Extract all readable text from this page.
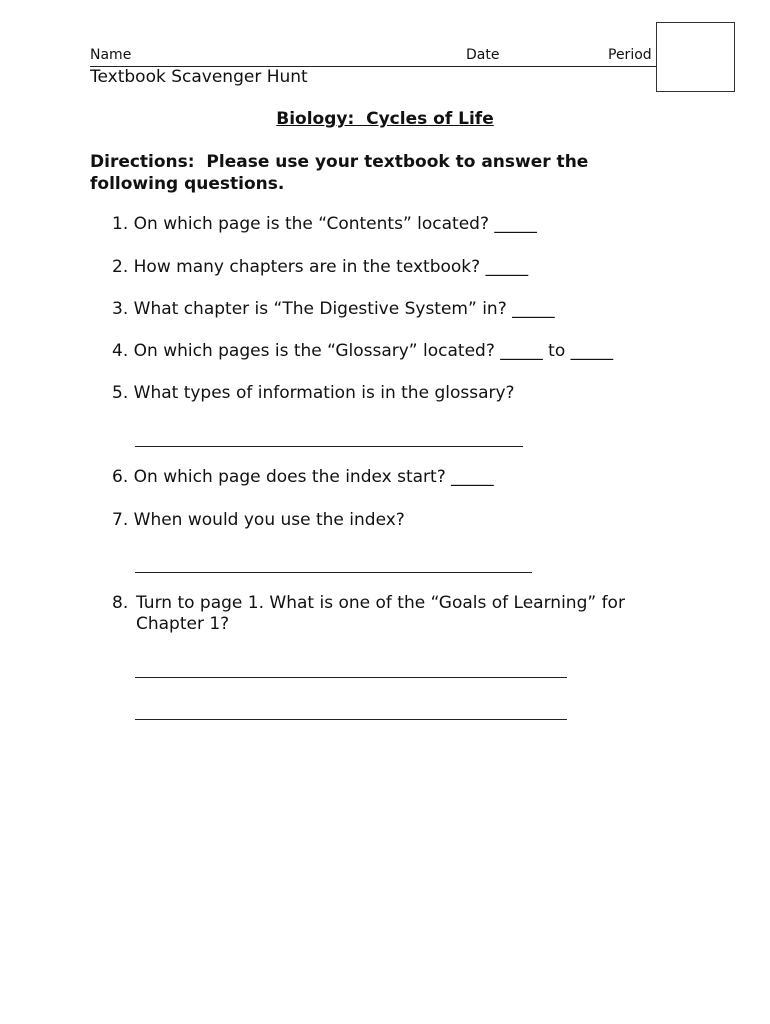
Name	Date	Period
Textbook Scavenger Hunt
Biology:  Cycles of Life
Directions:  Please use your textbook to answer the following questions.
1. On which page is the “Contents” located? _____
2. How many chapters are in the textbook? _____
3. What chapter is “The Digestive System” in? _____
4. On which pages is the “Glossary” located? _____ to _____
5. What types of information is in the glossary?
6. On which page does the index start? _____
7. When would you use the index?
8. Turn to page 1. What is one of the “Goals of Learning” for Chapter 1?
